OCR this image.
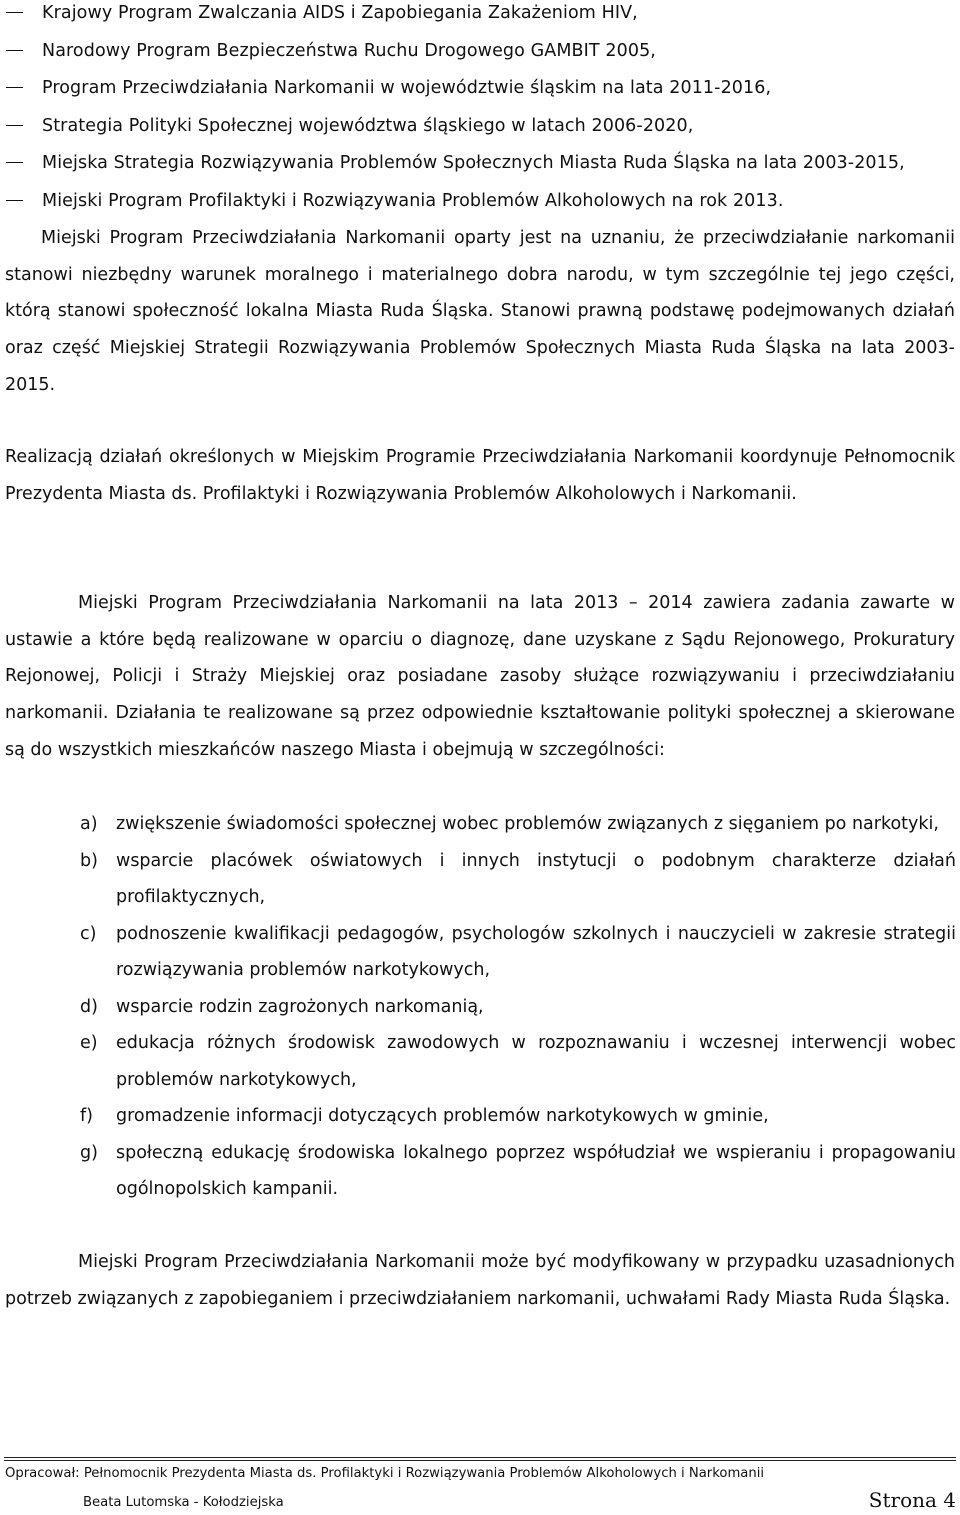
Krajowy Program Zwalczania AIDS i Zapobiegania Zakażeniom HIV,
Narodowy Program Bezpieczeństwa Ruchu Drogowego GAMBIT 2005,
Program Przeciwdziałania Narkomanii w województwie śląskim na lata 2011-2016,
Strategia Polityki Społecznej województwa śląskiego w latach 2006-2020,
Miejska Strategia Rozwiązywania Problemów Społecznych Miasta Ruda Śląska na lata 2003-2015,
Miejski Program Profilaktyki i Rozwiązywania Problemów Alkoholowych na rok 2013.

Miejski Program Przeciwdziałania Narkomanii oparty jest na uznaniu, że przeciwdziałanie narkomanii stanowi niezbędny warunek moralnego i materialnego dobra narodu, w tym szczególnie tej jego części, którą stanowi społeczność lokalna Miasta Ruda Śląska. Stanowi prawną podstawę podejmowanych działań oraz część Miejskiej Strategii Rozwiązywania Problemów Społecznych Miasta Ruda Śląska na lata 2003-2015.

Realizacją działań określonych w Miejskim Programie Przeciwdziałania Narkomanii koordynuje Pełnomocnik Prezydenta Miasta ds. Profilaktyki i Rozwiązywania Problemów Alkoholowych i Narkomanii.

Miejski Program Przeciwdziałania Narkomanii na lata 2013 – 2014 zawiera zadania zawarte w ustawie a które będą realizowane w oparciu o diagnozę, dane uzyskane z Sądu Rejonowego, Prokuratury Rejonowej, Policji i Straży Miejskiej oraz posiadane zasoby służące rozwiązywaniu i przeciwdziałaniu narkomanii. Działania te realizowane są przez odpowiednie kształtowanie polityki społecznej a skierowane są do wszystkich mieszkańców naszego Miasta i obejmują w szczególności:

a) zwiększenie świadomości społecznej wobec problemów związanych z sięganiem po narkotyki,
b) wsparcie placówek oświatowych i innych instytucji o podobnym charakterze działań profilaktycznych,
c) podnoszenie kwalifikacji pedagogów, psychologów szkolnych i nauczycieli w zakresie strategii rozwiązywania problemów narkotykowych,
d) wsparcie rodzin zagrożonych narkomanią,
e) edukacja różnych środowisk zawodowych w rozpoznawaniu i wczesnej interwencji wobec problemów narkotykowych,
f) gromadzenie informacji dotyczących problemów narkotykowych w gminie,
g) społeczną edukację środowiska lokalnego poprzez współudział we wspieraniu i propagowaniu ogólnopolskich kampanii.

Miejski Program Przeciwdziałania Narkomanii może być modyfikowany w przypadku uzasadnionych potrzeb związanych z zapobieganiem i przeciwdziałaniem narkomanii, uchwałami Rady Miasta Ruda Śląska.

Opracował: Pełnomocnik Prezydenta Miasta ds. Profilaktyki i Rozwiązywania Problemów Alkoholowych i Narkomanii
Beata Lutomska - Kołodziejska	Strona 4
